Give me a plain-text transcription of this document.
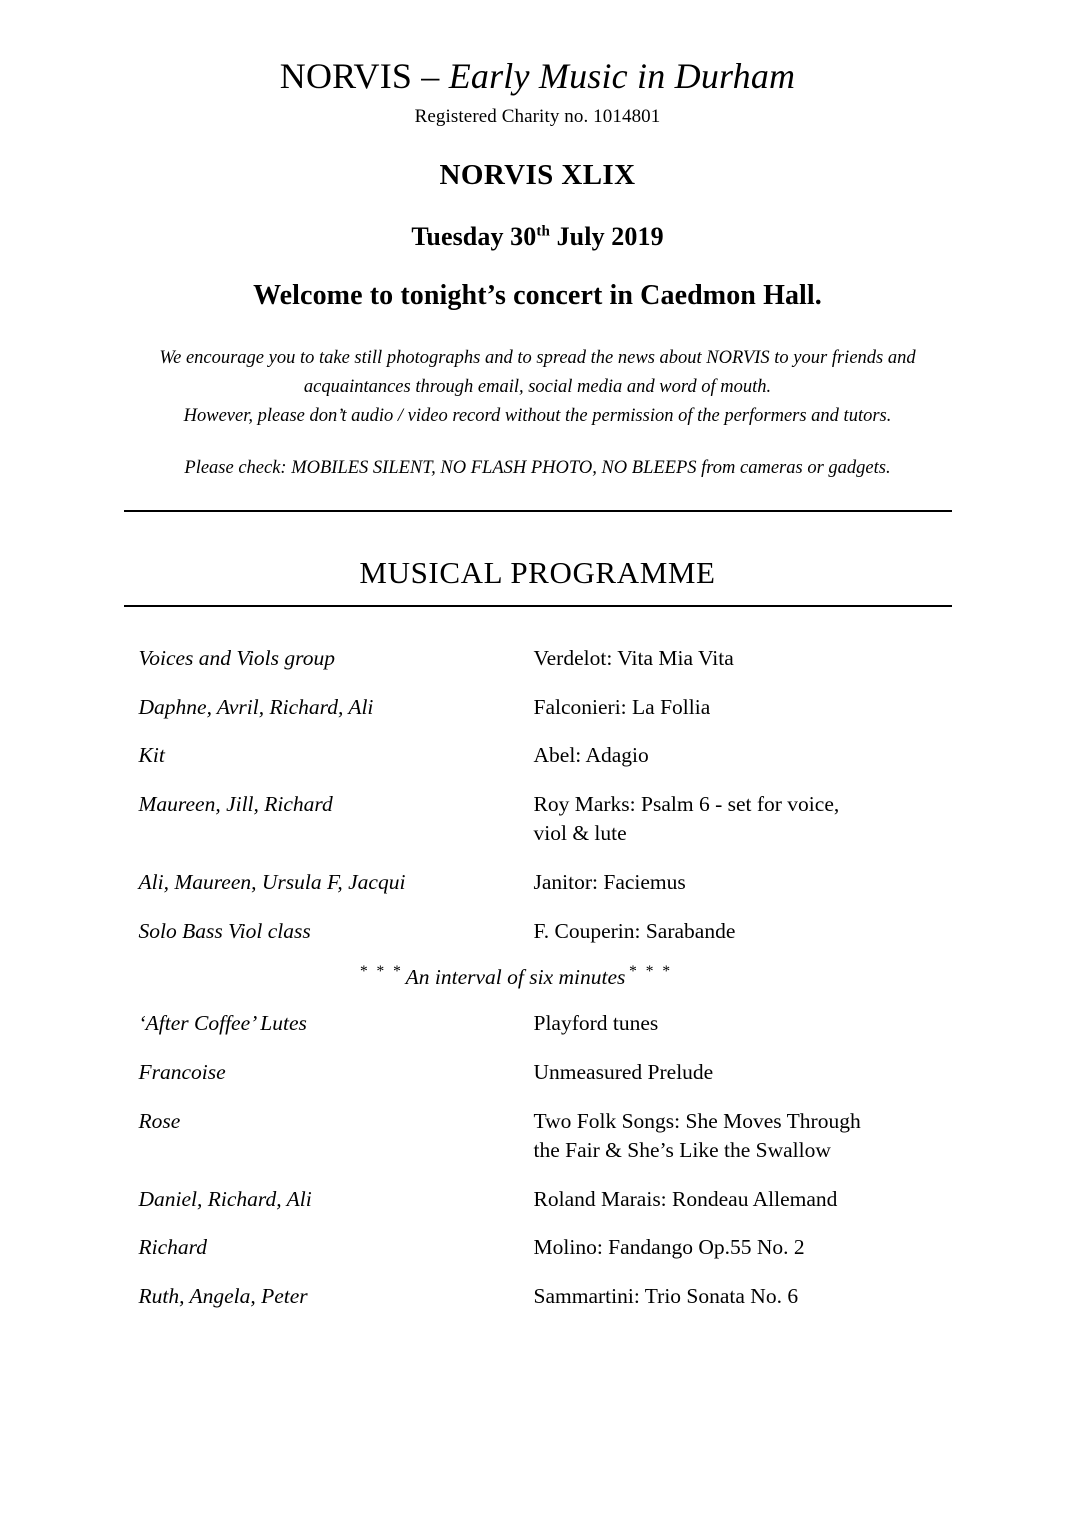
NORVIS – Early Music in Durham
Registered Charity no. 1014801
NORVIS XLIX
Tuesday 30th July 2019
Welcome to tonight’s concert in Caedmon Hall.

We encourage you to take still photographs and to spread the news about NORVIS to your friends and

acquaintances through email, social media and word of mouth.

However, please don’t audio / video record without the permission of the performers and tutors.

Please check: MOBILES SILENT, NO FLASH PHOTO, NO BLEEPS from cameras or gadgets.

MUSICAL PROGRAMME
Voices and Viols group	Verdelot: Vita Mia Vita
Daphne, Avril, Richard, Ali	Falconieri: La Follia
Kit	Abel: Adagio
Maureen, Jill, Richard	Roy Marks: Psalm 6 - set for voice,
viol & lute
Ali, Maureen, Ursula F, Jacqui	Janitor: Faciemus
Solo Bass Viol class	F. Couperin: Sarabande
* * * An interval of six minutes * * *
‘After Coffee’ Lutes	Playford tunes
Francoise	Unmeasured Prelude
Rose	Two Folk Songs: She Moves Through
the Fair & She’s Like the Swallow
Daniel, Richard, Ali	Roland Marais: Rondeau Allemand
Richard	Molino: Fandango Op.55 No. 2
Ruth, Angela, Peter	Sammartini: Trio Sonata No. 6
